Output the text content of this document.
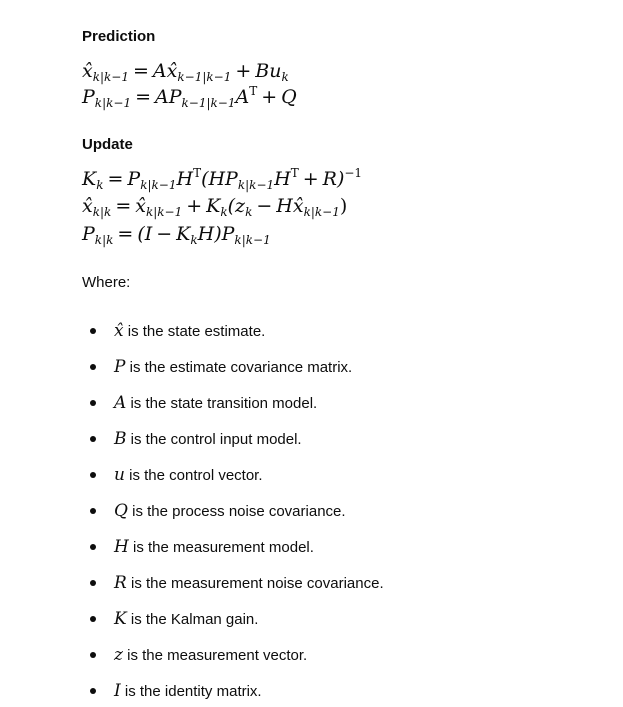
Prediction
$x̂_{k|k-1}$ = $Ax̂_{k-1|k-1} + Bu_k$
$P_{k|k-1} = AP_{k-1|k-1}A^T + Q$
Update
$K_k = P_{k|k-1}H^T(HP_{k|k-1}H^T + R)^{-1}$
$x̂_{k|k}$ = $x̂_{k|k-1} + K_k(z_k$ − $Hx̂_{k|k-1}$)
$P_{k|k} = (I - K_kH)P_{k|k-1}$
Where:
x̂ is the state estimate.
P is the estimate covariance matrix.
A is the state transition model.
B is the control input model.
u is the control vector.
Q is the process noise covariance.
H is the measurement model.
R is the measurement noise covariance.
K is the Kalman gain.
z is the measurement vector.
I is the identity matrix.
